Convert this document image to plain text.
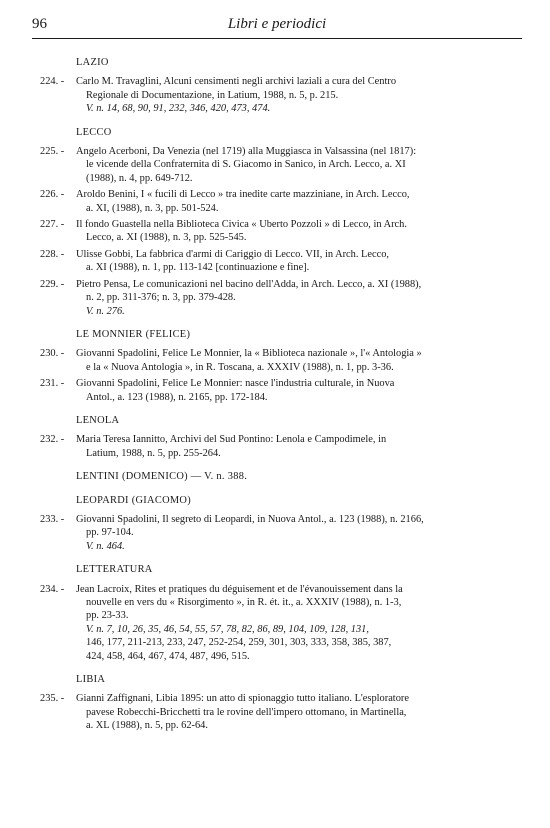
96	Libri e periodici
LAZIO
224. - Carlo M. Travaglini, Alcuni censimenti negli archivi laziali a cura del Centro
Regionale di Documentazione, in Latium, 1988, n. 5, p. 215.
V. n. 14, 68, 90, 91, 232, 346, 420, 473, 474.
LECCO
225. - Angelo Acerboni, Da Venezia (nel 1719) alla Muggiasca in Valsassina (nel 1817):
le vicende della Confraternita di S. Giacomo in Sanico, in Arch. Lecco, a. XI
(1988), n. 4, pp. 649-712.
226. - Aroldo Benini, I « fucili di Lecco » tra inedite carte mazziniane, in Arch. Lecco,
a. XI, (1988), n. 3, pp. 501-524.
227. - Il fondo Guastella nella Biblioteca Civica « Uberto Pozzoli » di Lecco, in Arch.
Lecco, a. XI (1988), n. 3, pp. 525-545.
228. - Ulisse Gobbi, La fabbrica d'armi di Cariggio di Lecco. VII, in Arch. Lecco,
a. XI (1988), n. 1, pp. 113-142 [continuazione e fine].
229. - Pietro Pensa, Le comunicazioni nel bacino dell'Adda, in Arch. Lecco, a. XI (1988),
n. 2, pp. 311-376; n. 3, pp. 379-428.
V. n. 276.
LE MONNIER (FELICE)
230. - Giovanni Spadolini, Felice Le Monnier, la « Biblioteca nazionale », l'« Antologia »
e la « Nuova Antologia », in R. Toscana, a. XXXIV (1988), n. 1, pp. 3-36.
231. - Giovanni Spadolini, Felice Le Monnier: nasce l'industria culturale, in Nuova
Antol., a. 123 (1988), n. 2165, pp. 172-184.
LENOLA
232. - Maria Teresa Iannitto, Archivi del Sud Pontino: Lenola e Campodimele, in
Latium, 1988, n. 5, pp. 255-264.
LENTINI (DOMENICO) — V. n. 388.
LEOPARDI (GIACOMO)
233. - Giovanni Spadolini, Il segreto di Leopardi, in Nuova Antol., a. 123 (1988), n. 2166,
pp. 97-104.
V. n. 464.
LETTERATURA
234. - Jean Lacroix, Rites et pratiques du déguisement et de l'évanouissement dans la
nouvelle en vers du « Risorgimento », in R. ét. it., a. XXXIV (1988), n. 1-3,
pp. 23-33.
V. n. 7, 10, 26, 35, 46, 54, 55, 57, 78, 82, 86, 89, 104, 109, 128, 131,
146, 177, 211-213, 233, 247, 252-254, 259, 301, 303, 333, 358, 385, 387,
424, 458, 464, 467, 474, 487, 496, 515.
LIBIA
235. - Gianni Zaffignani, Libia 1895: un atto di spionaggio tutto italiano. L'esploratore
pavese Robecchi-Bricchetti tra le rovine dell'impero ottomano, in Martinella,
a. XL (1988), n. 5, pp. 62-64.
